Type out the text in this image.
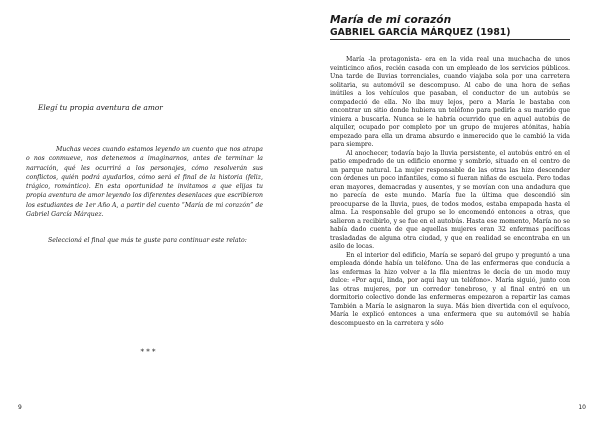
Elegí tu propia aventura de amor

Muchas veces cuando estamos leyendo un cuento que nos atrapa o nos conmueve, nos detenemos a imaginarnos, antes de terminar la narración, qué les ocurrirá a los personajes, cómo resolverán sus conflictos, quién podrá ayudarlos, cómo será el final de la historia (feliz, trágico, romántico). En esta oportunidad te invitamos a que elijas tu propia aventura de amor leyendo los diferentes desenlaces que escribieron los estudiantes de 1er Año A, a partir del cuento “María de mi corazón” de Gabriel García Márquez.

Seleccioná el final que más te guste para continuar este relato:

* * *

9

María de mi corazón
GABRIEL GARCÍA MÁRQUEZ (1981)

María -la protagonista- era en la vida real una muchacha de unos veinticinco años, recién casada con un empleado de los servicios públicos. Una tarde de lluvias torrenciales, cuando viajaba sola por una carretera solitaria, su automóvil se descompuso. Al cabo de una hora de señas inútiles a los vehículos que pasaban, el conductor de un autobús se compadeció de ella. No iba muy lejos, pero a María le bastaba con encontrar un sitio donde hubiera un teléfono para pedirle a su marido que viniera a buscarla. Nunca se le habría ocurrido que en aquel autobús de alquiler, ocupado por completo por un grupo de mujeres atónitas, había empezado para ella un drama absurdo e inmerecido que le cambió la vida para siempre.

Al anochecer, todavía bajo la lluvia persistente, el autobús entró en el patio empedrado de un edificio enorme y sombrío, situado en el centro de un parque natural. La mujer responsable de las otras las hizo descender con órdenes un poco infantiles, como si fueran niñas de escuela. Pero todas eran mayores, demacradas y ausentes, y se movían con una andadura que no parecía de este mundo. María fue la última que descendió sin preocuparse de la lluvia, pues, de todos modos, estaba empapada hasta el alma. La responsable del grupo se lo encomendó entonces a otras, que salieron a recibirlo, y se fue en el autobús. Hasta ese momento, María no se había dado cuenta de que aquellas mujeres eran 32 enfermas pacíficas trasladadas de alguna otra ciudad, y que en realidad se encontraba en un asilo de locas.

En el interior del edificio, María se separó del grupo y preguntó a una empleada dónde había un teléfono. Una de las enfermeras que conducía a las enfermas la hizo volver a la fila mientras le decía de un modo muy dulce: «Por aquí, linda, por aquí hay un teléfono». María siguió, junto con las otras mujeres, por un corredor tenebroso, y al final entró en un dormitorio colectivo donde las enfermeras empezaron a repartir las camas También a María le asignaron la suya. Más bien divertida con el equívoco, María le explicó entonces a una enfermera que su automóvil se había descompuesto en la carretera y sólo

10
